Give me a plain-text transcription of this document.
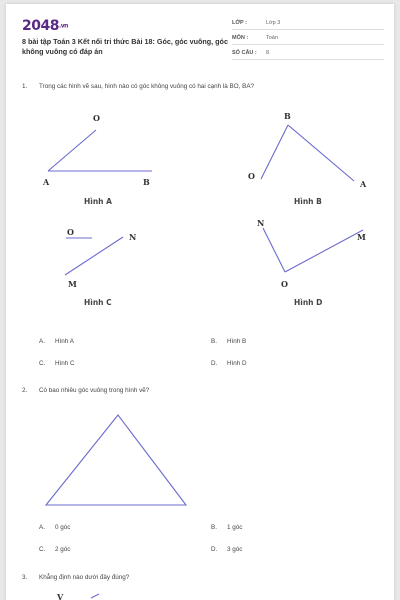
2048.vn
8 bài tập Toán 3 Kết nối tri thức Bài 18: Góc, góc vuông, góc không vuông có đáp án
LỚP :	Lớp 3
MÔN :	Toán
SỐ CÂU : 8
1. Trong các hình vẽ sau, hình nào có góc không vuông có hai cạnh là BO, BA?
O
A	B
Hình A
B
O
A
Hình B
O	N
M
Hình C
N
M
O
Hình D
A. Hình A	B. Hình B
C. Hình C	D. Hình D
2. Có bao nhiêu góc vuông trong hình vẽ?
A. 0 góc	B. 1 góc
C. 2 góc	D. 3 góc
3. Khẳng định nào dưới đây đúng?
V
